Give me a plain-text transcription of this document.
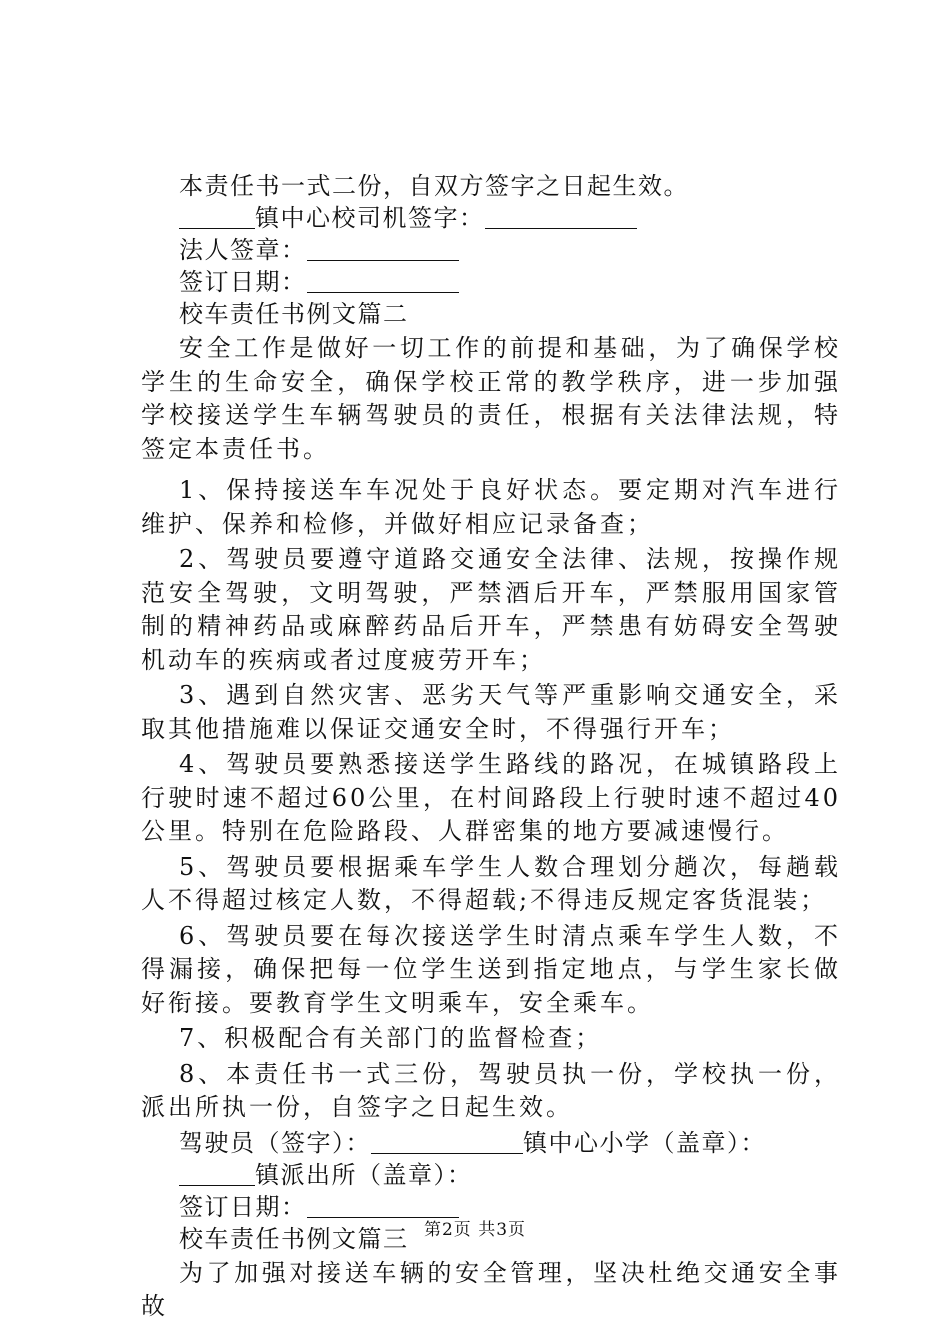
本责任书一式二份，自双方签字之日起生效。
镇中心校司机签字：
法人签章：
签订日期：
校车责任书例文篇二

安全工作是做好一切工作的前提和基础，为了确保学校学生的生命安全，确保学校正常的教学秩序，进一步加强学校接送学生车辆驾驶员的责任，根据有关法律法规，特签定本责任书。

1、保持接送车车况处于良好状态。要定期对汽车进行维护、保养和检修，并做好相应记录备查；

2、驾驶员要遵守道路交通安全法律、法规，按操作规范安全驾驶，文明驾驶，严禁酒后开车，严禁服用国家管制的精神药品或麻醉药品后开车，严禁患有妨碍安全驾驶机动车的疾病或者过度疲劳开车；

3、遇到自然灾害、恶劣天气等严重影响交通安全，采取其他措施难以保证交通安全时，不得强行开车；

4、驾驶员要熟悉接送学生路线的路况，在城镇路段上行驶时速不超过60公里，在村间路段上行驶时速不超过40公里。特别在危险路段、人群密集的地方要减速慢行。

5、驾驶员要根据乘车学生人数合理划分趟次，每趟载人不得超过核定人数，不得超载;不得违反规定客货混装；

6、驾驶员要在每次接送学生时清点乘车学生人数，不得漏接，确保把每一位学生送到指定地点，与学生家长做好衔接。要教育学生文明乘车，安全乘车。

7、积极配合有关部门的监督检查；

8、本责任书一式三份，驾驶员执一份，学校执一份，派出所执一份，自签字之日起生效。

驾驶员（签字）：	镇中心小学（盖章）：
镇派出所（盖章）：
签订日期：
校车责任书例文篇三

为了加强对接送车辆的安全管理，坚决杜绝交通安全事故

第2页 共3页
